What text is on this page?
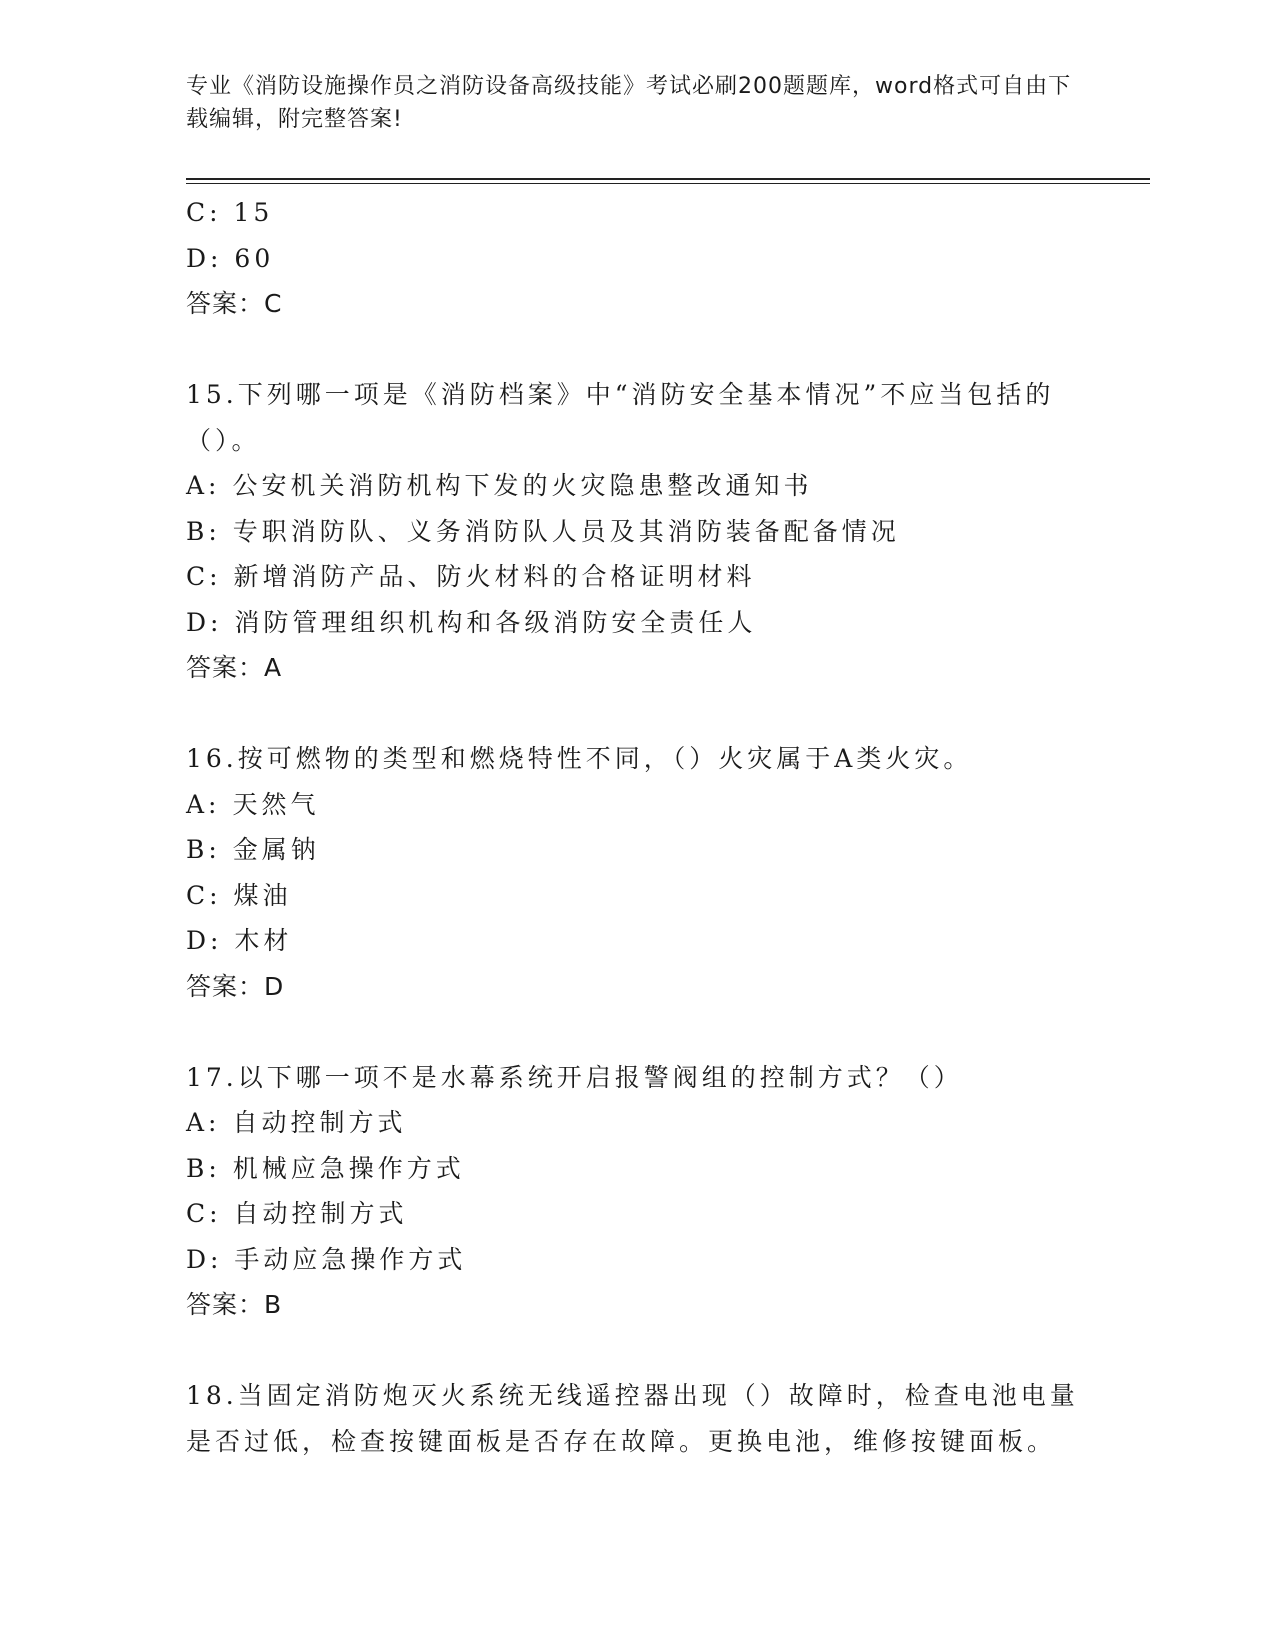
专业《消防设施操作员之消防设备高级技能》考试必刷200题题库，word格式可自由下载编辑，附完整答案!
C: 15
D: 60
答案：C
15.下列哪一项是《消防档案》中“消防安全基本情况”不应当包括的（）。
A: 公安机关消防机构下发的火灾隐患整改通知书
B: 专职消防队、义务消防队人员及其消防装备配备情况
C: 新增消防产品、防火材料的合格证明材料
D: 消防管理组织机构和各级消防安全责任人
答案：A
16.按可燃物的类型和燃烧特性不同，（）火灾属于A类火灾。
A: 天然气
B: 金属钠
C: 煤油
D: 木材
答案：D
17.以下哪一项不是水幕系统开启报警阀组的控制方式？（）
A: 自动控制方式
B: 机械应急操作方式
C: 自动控制方式
D: 手动应急操作方式
答案：B
18.当固定消防炮灭火系统无线遥控器出现（）故障时，检查电池电量是否过低，检查按键面板是否存在故障。更换电池，维修按键面板。
